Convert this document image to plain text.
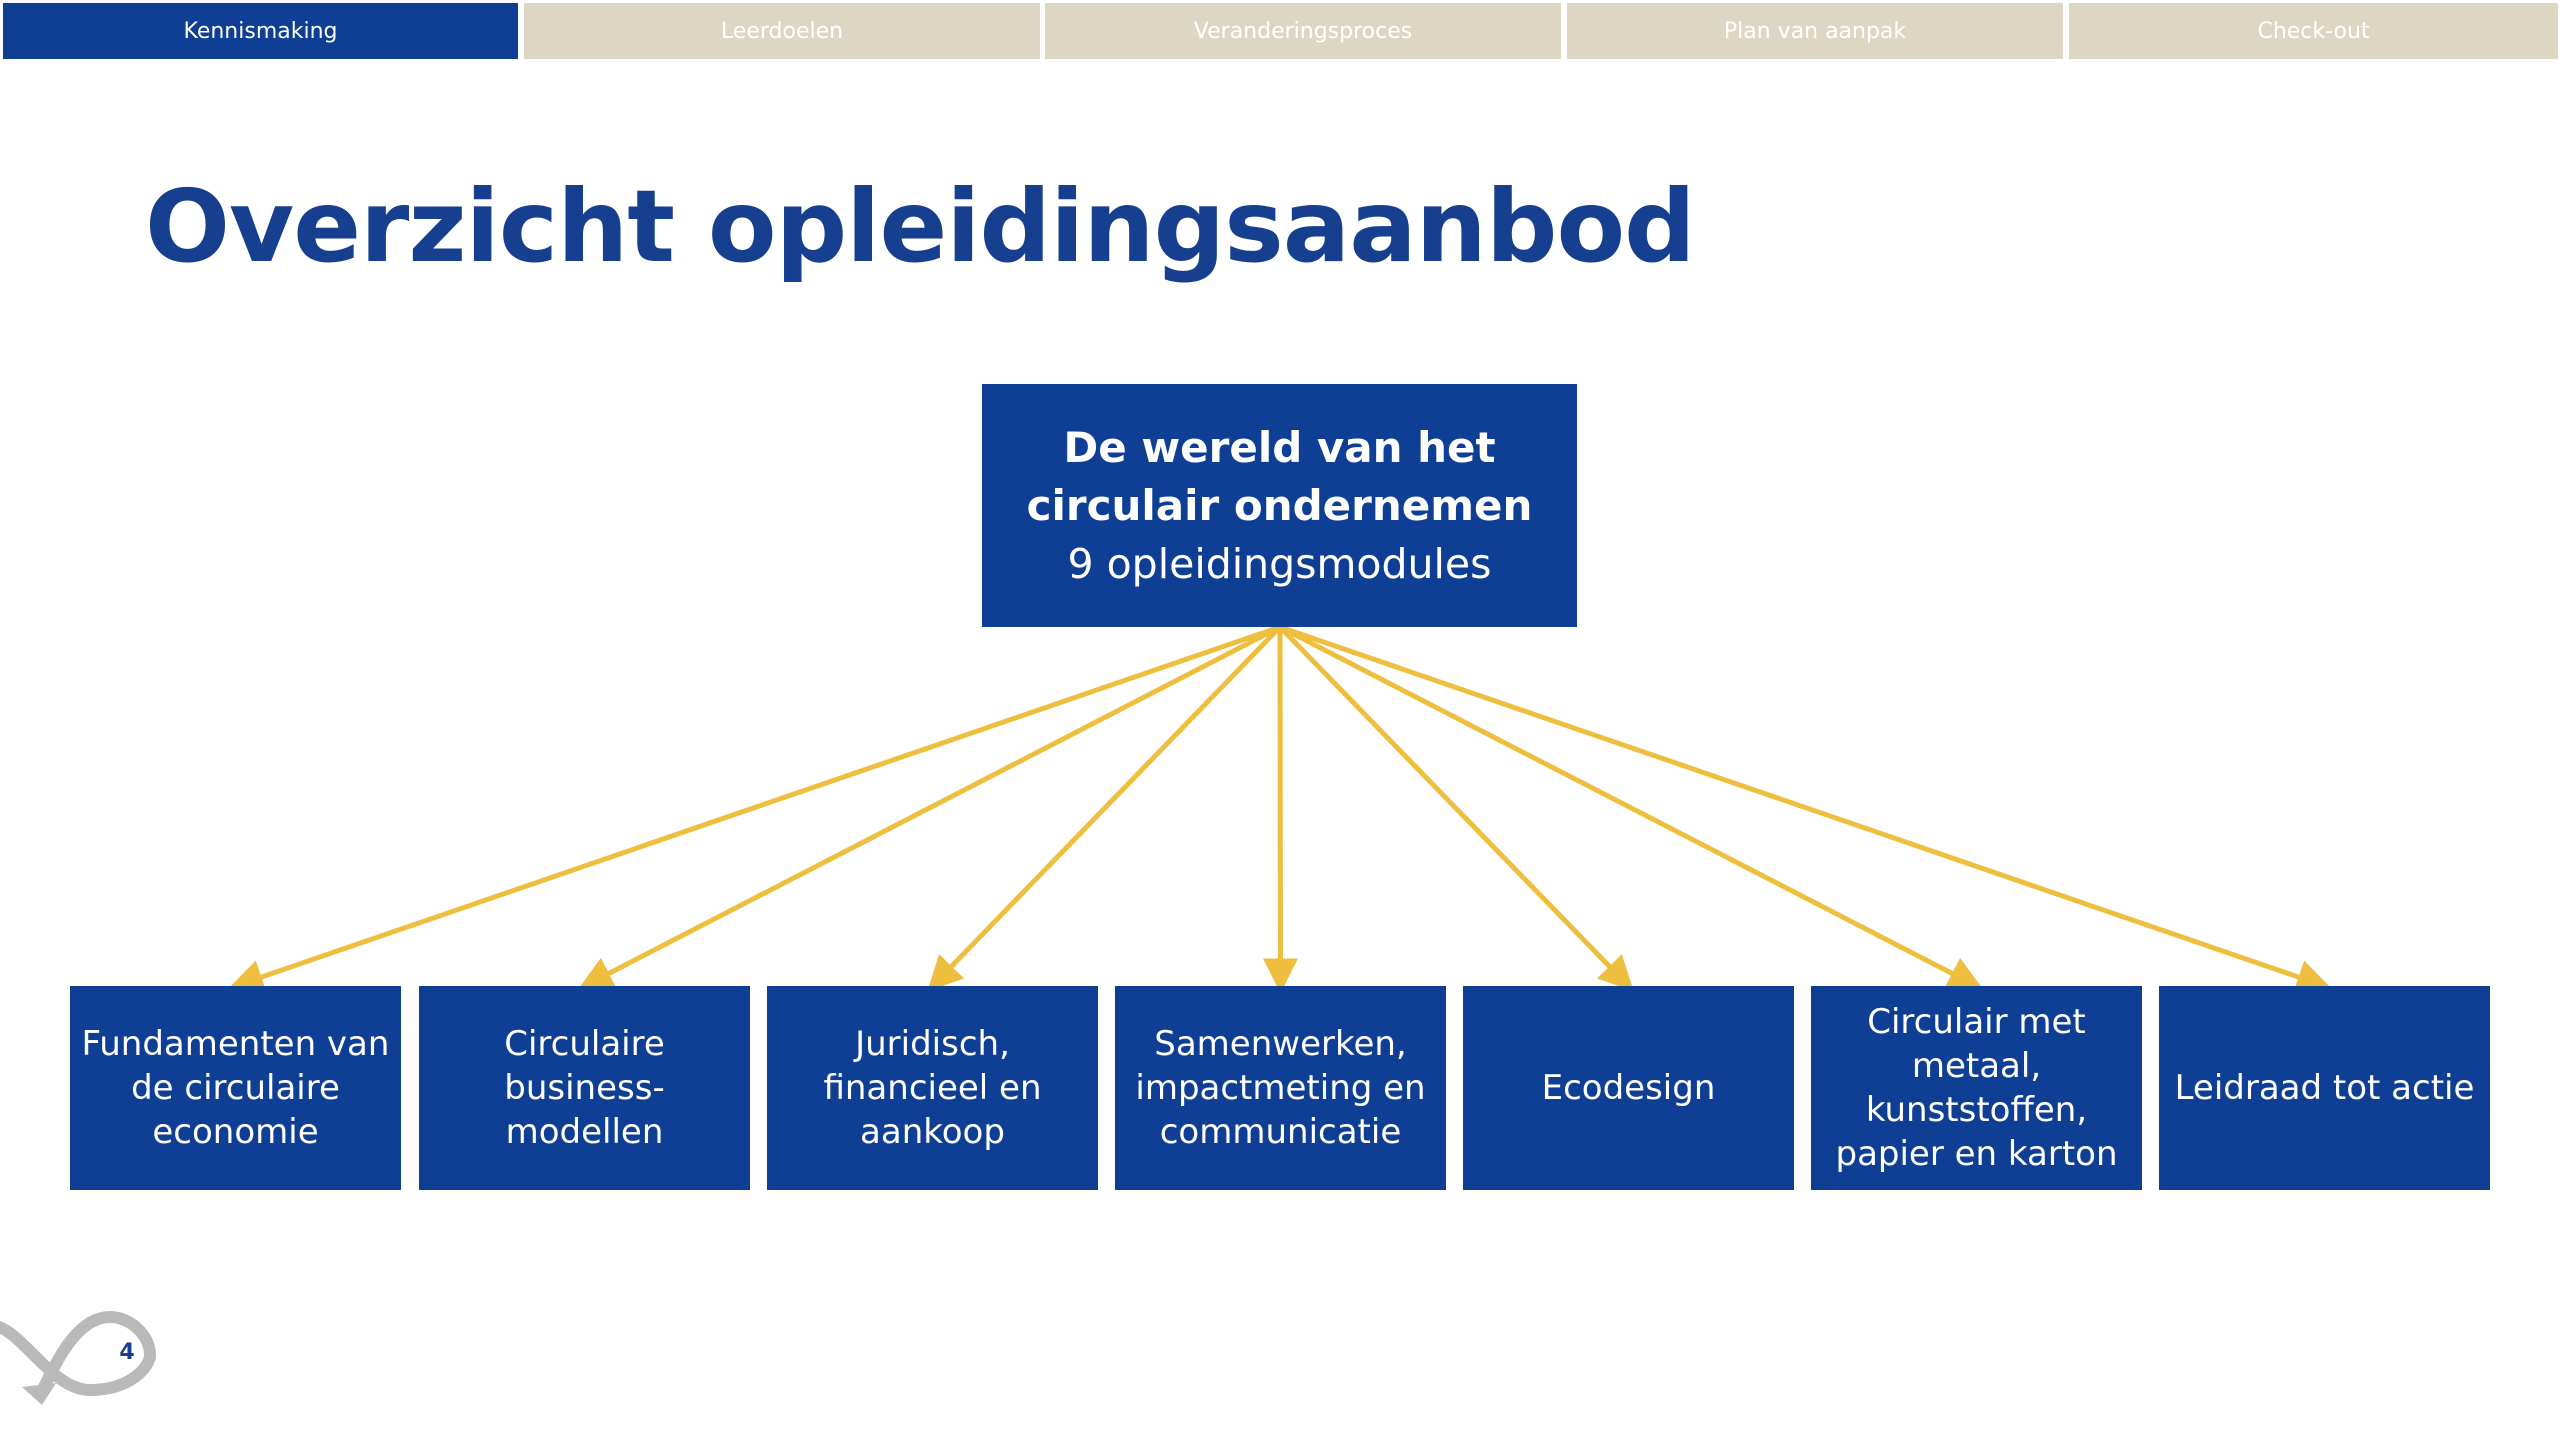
Kennismaking	Leerdoelen	Veranderingsproces	Plan van aanpak	Check-out
Overzicht opleidingsaanbod
De wereld van het circulair ondernemen
9 opleidingsmodules
Fundamenten van de circulaire economie
Circulaire business-modellen
Juridisch, financieel en aankoop
Samenwerken, impactmeting en communicatie
Ecodesign
Circulair met metaal, kunststoffen, papier en karton
Leidraad tot actie
4
